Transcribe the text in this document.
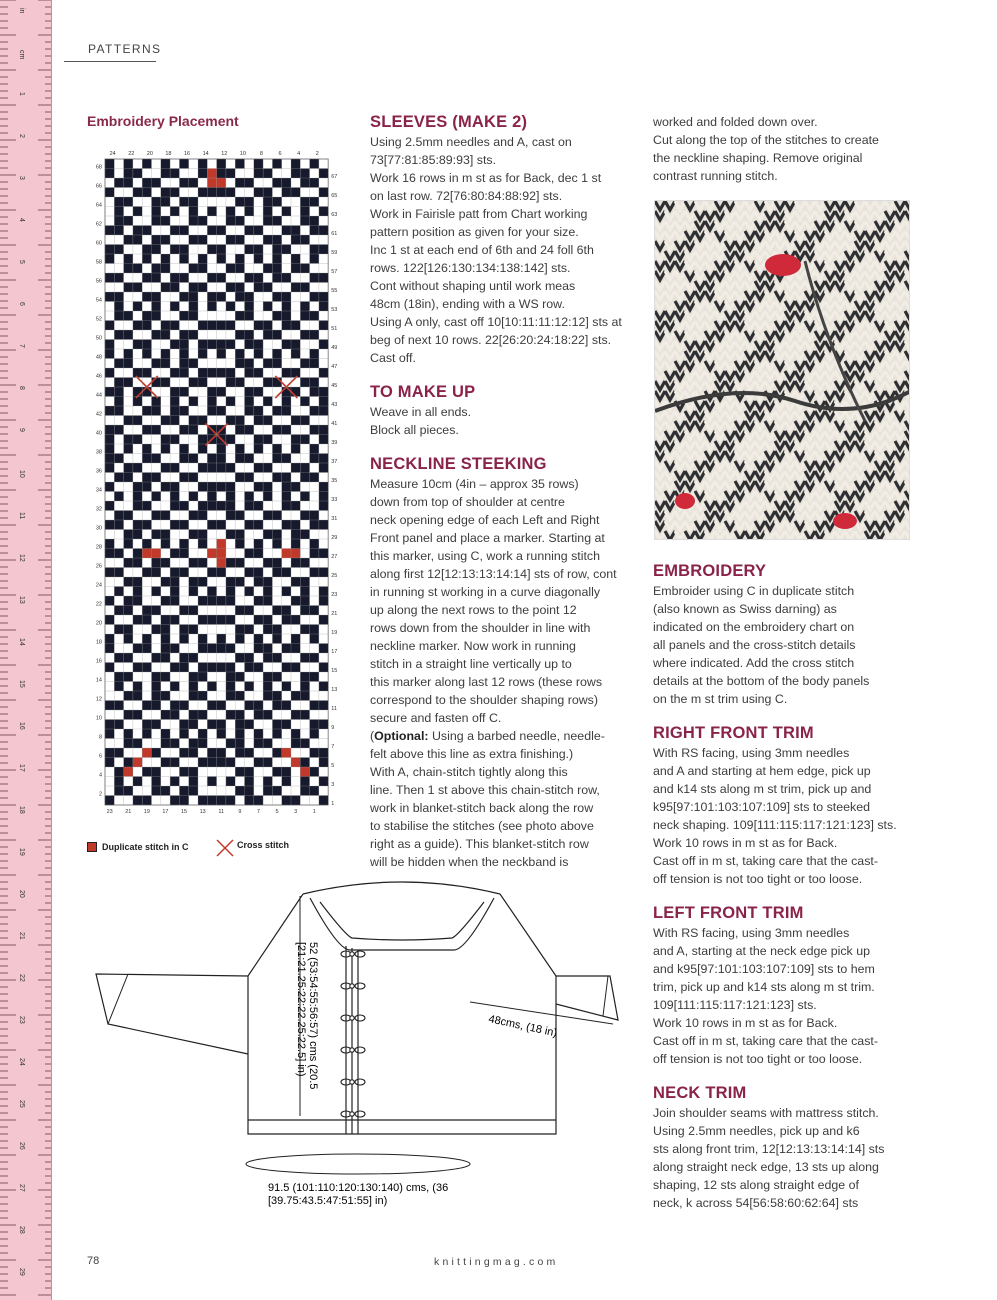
in
cm
1
2
3
4
5
6
7
8
9
10
11
12
13
14
15
16
17
18
19
20
21
22
23
24
25
26
27
28
29
PATTERNS
Embroidery Placement
24 22 20 18 16 14 12 10	8	6	4	2
23 21 19 17 15 13 11	9	7	5	3	1
68
66
64
62
60
58
56
54
52
50
48
46
44
42
40
38
36
34
32
30
28
26
24
22
20
18
16
14
12
10
8
6
4
2
67
65
63
61
59
57
55
53
51
49
47
45
43
41
39
37
35
33
31
29
27
25
23
21
19
17
15
13
11
9
7
5
3
1
Duplicate stitch in C	Cross stitch
SLEEVES (MAKE 2)

Using 2.5mm needles and A, cast on

73[77:81:85:89:93] sts.

Work 16 rows in m st as for Back, dec 1 st

on last row. 72[76:80:84:88:92] sts.

Work in Fairisle patt from Chart working

pattern position as given for your size.

Inc 1 st at each end of 6th and 24 foll 6th

rows. 122[126:130:134:138:142] sts.

Cont without shaping until work meas

48cm (18in), ending with a WS row.

Using A only, cast off 10[10:11:11:12:12] sts at

beg of next 10 rows. 22[26:20:24:18:22] sts.

Cast off.

TO MAKE UP

Weave in all ends.

Block all pieces.

NECKLINE STEEKING

Measure 10cm (4in – approx 35 rows)

down from top of shoulder at centre

neck opening edge of each Left and Right

Front panel and place a marker. Starting at

this marker, using C, work a running stitch

along first 12[12:13:13:14:14] sts of row, cont

in running st working in a curve diagonally

up along the next rows to the point 12

rows down from the shoulder in line with

neckline marker. Now work in running

stitch in a straight line vertically up to

this marker along last 12 rows (these rows

correspond to the shoulder shaping rows)

secure and fasten off C.

(Optional: Using a barbed needle, needle-

felt above this line as extra finishing.)

With A, chain-stitch tightly along this

line. Then 1 st above this chain-stitch row,

work in blanket-stitch back along the row

to stabilise the stitches (see photo above

right as a guide). This blanket-stitch row

will be hidden when the neckband is

worked and folded down over.

Cut along the top of the stitches to create

the neckline shaping. Remove original

contrast running stitch.

EMBROIDERY

Embroider using C in duplicate stitch

(also known as Swiss darning) as

indicated on the embroidery chart on

all panels and the cross-stitch details

where indicated. Add the cross stitch

details at the bottom of the body panels

on the m st trim using C.

RIGHT FRONT TRIM

With RS facing, using 3mm needles

and A and starting at hem edge, pick up

and k14 sts along m st trim, pick up and

k95[97:101:103:107:109] sts to steeked

neck shaping. 109[111:115:117:121:123] sts.

Work 10 rows in m st as for Back.

Cast off in m st, taking care that the cast-

off tension is not too tight or too loose.

LEFT FRONT TRIM

With RS facing, using 3mm needles

and A, starting at the neck edge pick up

and k95[97:101:103:107:109] sts to hem

trim, pick up and k14 sts along m st trim.

109[111:115:117:121:123] sts.

Work 10 rows in m st as for Back.

Cast off in m st, taking care that the cast-

off tension is not too tight or too loose.

NECK TRIM

Join shoulder seams with mattress stitch.

Using 2.5mm needles, pick up and k6

sts along front trim, 12[12:13:13:14:14] sts

along straight neck edge, 13 sts up along

shaping, 12 sts along straight edge of

neck, k across 54[56:58:60:62:64] sts

52 (53:54:55:56:57) cms (20.5
[21:21.25:22:22.25:22.5] in)	48cms, (18 in)
91.5 (101:110:120:130:140) cms, (36
[39.75:43.5:47:51:55] in)
78	knittingmag.com
